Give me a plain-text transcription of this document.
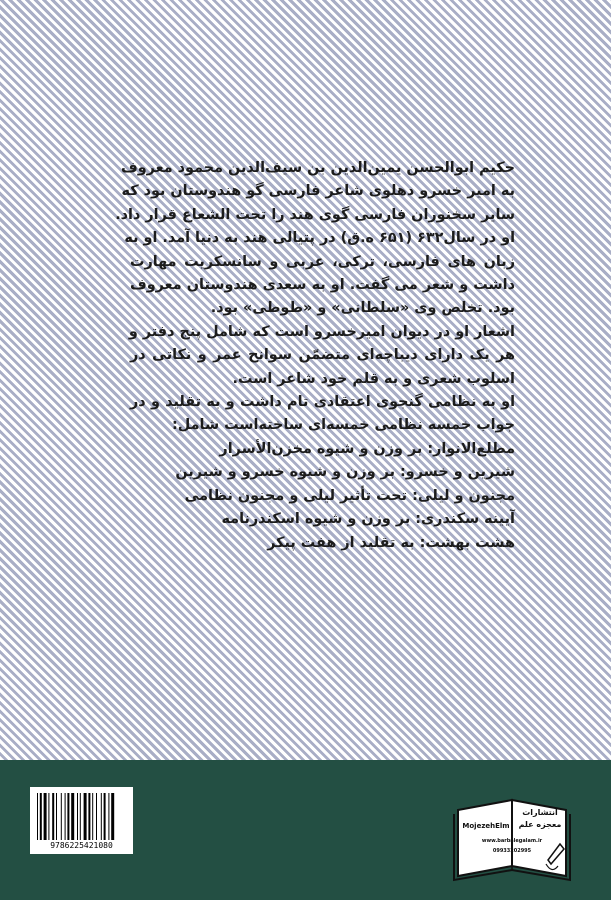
حکیم ابوالحسن یمین‌الدین بن سیف‌الدین محمود معروف
به امیر خسرو دهلوی شاعر فارسی گو هندوستان بود که
سایر سخنوران فارسی گوی هند را تحت الشعاع قرار داد.
او در سال۶۳۲ (۶۵۱ ه.ق) در پتیالی هند به دنیا آمد. او به
زبان های فارسی، ترکی، عربی و سانسکریت مهارت
داشت و شعر می گفت. او به سعدی هندوستان معروف
بود. تخلص وی «سلطانی» و «طوطی» بود.
اشعار او در دیوان امیرخسرو است که شامل پنج دفتر و
هر یک دارای دیباچه‌ای متضمّن سوانح عمر و نکاتی در
اسلوب شعری و به قلم خود شاعر است.
او به نظامی گنجوی اعتقادی تام داشت و به تقلید و در
جواب خمسه نظامی خمسه‌ای ساخته‌است شامل:
مطلع‌الانوار: بر وزن و شیوه مخزن‌الأسرار
شیرین و خسرو: بر وزن و شیوه خسرو و شیرین
مجنون و لیلی: تحت تأثیر لیلی و مجنون نظامی
آیینه سکندری: بر وزن و شیوه اسکندرنامه
هشت بهشت: به تقلید از هفت پیکر
9786225421080
انتشارات
معجزه علم
MojezehElm
www.barbalegalam.ir
09933202995
